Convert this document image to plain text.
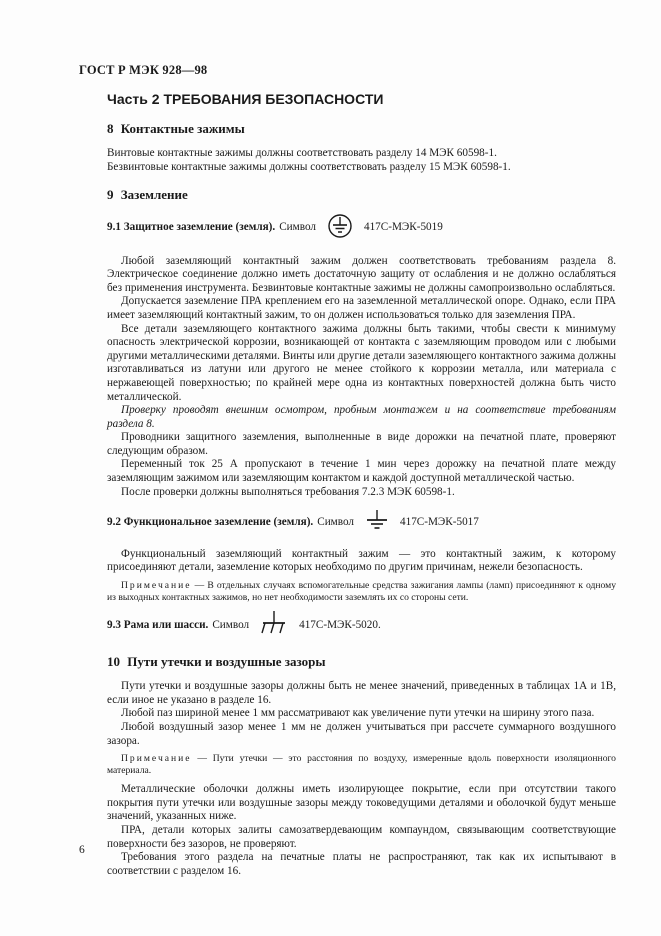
ГОСТ Р МЭК 928—98
Часть 2 ТРЕБОВАНИЯ БЕЗОПАСНОСТИ
8 Контактные зажимы

Винтовые контактные зажимы должны соответствовать разделу 14 МЭК 60598-1.

Безвинтовые контактные зажимы должны соответствовать разделу 15 МЭК 60598-1.

9 Заземление
9.1 Защитное заземление (земля). Символ	417С-МЭК-5019

Любой заземляющий контактный зажим должен соответствовать требованиям раздела 8. Электрическое соединение должно иметь достаточную защиту от ослабления и не должно ослабляться без применения инструмента. Безвинтовые контактные зажимы не должны самопроизвольно ослабляться.

Допускается заземление ПРА креплением его на заземленной металлической опоре. Однако, если ПРА имеет заземляющий контактный зажим, то он должен использоваться только для заземления ПРА.

Все детали заземляющего контактного зажима должны быть такими, чтобы свести к минимуму опасность электрической коррозии, возникающей от контакта с заземляющим проводом или с любыми другими металлическими деталями. Винты или другие детали заземляющего контактного зажима должны изготавливаться из латуни или другого не менее стойкого к коррозии металла, или материала с нержавеющей поверхностью; по крайней мере одна из контактных поверхностей должна быть чисто металлической.

Проверку проводят внешним осмотром, пробным монтажем и на соответствие требованиям раздела 8.

Проводники защитного заземления, выполненные в виде дорожки на печатной плате, проверяют следующим образом.

Переменный ток 25 А пропускают в течение 1 мин через дорожку на печатной плате между заземляющим зажимом или заземляющим контактом и каждой доступной металлической частью.

После проверки должны выполняться требования 7.2.3 МЭК 60598-1.

9.2 Функциональное заземление (земля). Символ	417С-МЭК-5017

Функциональный заземляющий контактный зажим — это контактный зажим, к которому присоединяют детали, заземление которых необходимо по другим причинам, нежели безопасность.

Примечание — В отдельных случаях вспомогательные средства зажигания лампы (ламп) присоединяют к одному из выходных контактных зажимов, но нет необходимости заземлять их со стороны сети.
9.3 Рама или шасси. Символ	417С-МЭК-5020.
10 Пути утечки и воздушные зазоры

Пути утечки и воздушные зазоры должны быть не менее значений, приведенных в таблицах 1А и 1В, если иное не указано в разделе 16.

Любой паз шириной менее 1 мм рассматривают как увеличение пути утечки на ширину этого паза.

Любой воздушный зазор менее 1 мм не должен учитываться при рассчете суммарного воздушного зазора.

Примечание — Пути утечки — это расстояния по воздуху, измеренные вдоль поверхности изоляционного материала.

Металлические оболочки должны иметь изолирующее покрытие, если при отсутствии такого покрытия пути утечки или воздушные зазоры между токоведущими деталями и оболочкой будут меньше значений, указанных ниже.

ПРА, детали которых залиты самозатвердевающим компаундом, связывающим соответствующие поверхности без зазоров, не проверяют.

Требования этого раздела на печатные платы не распространяют, так как их испытывают в соответствии с разделом 16.

6
